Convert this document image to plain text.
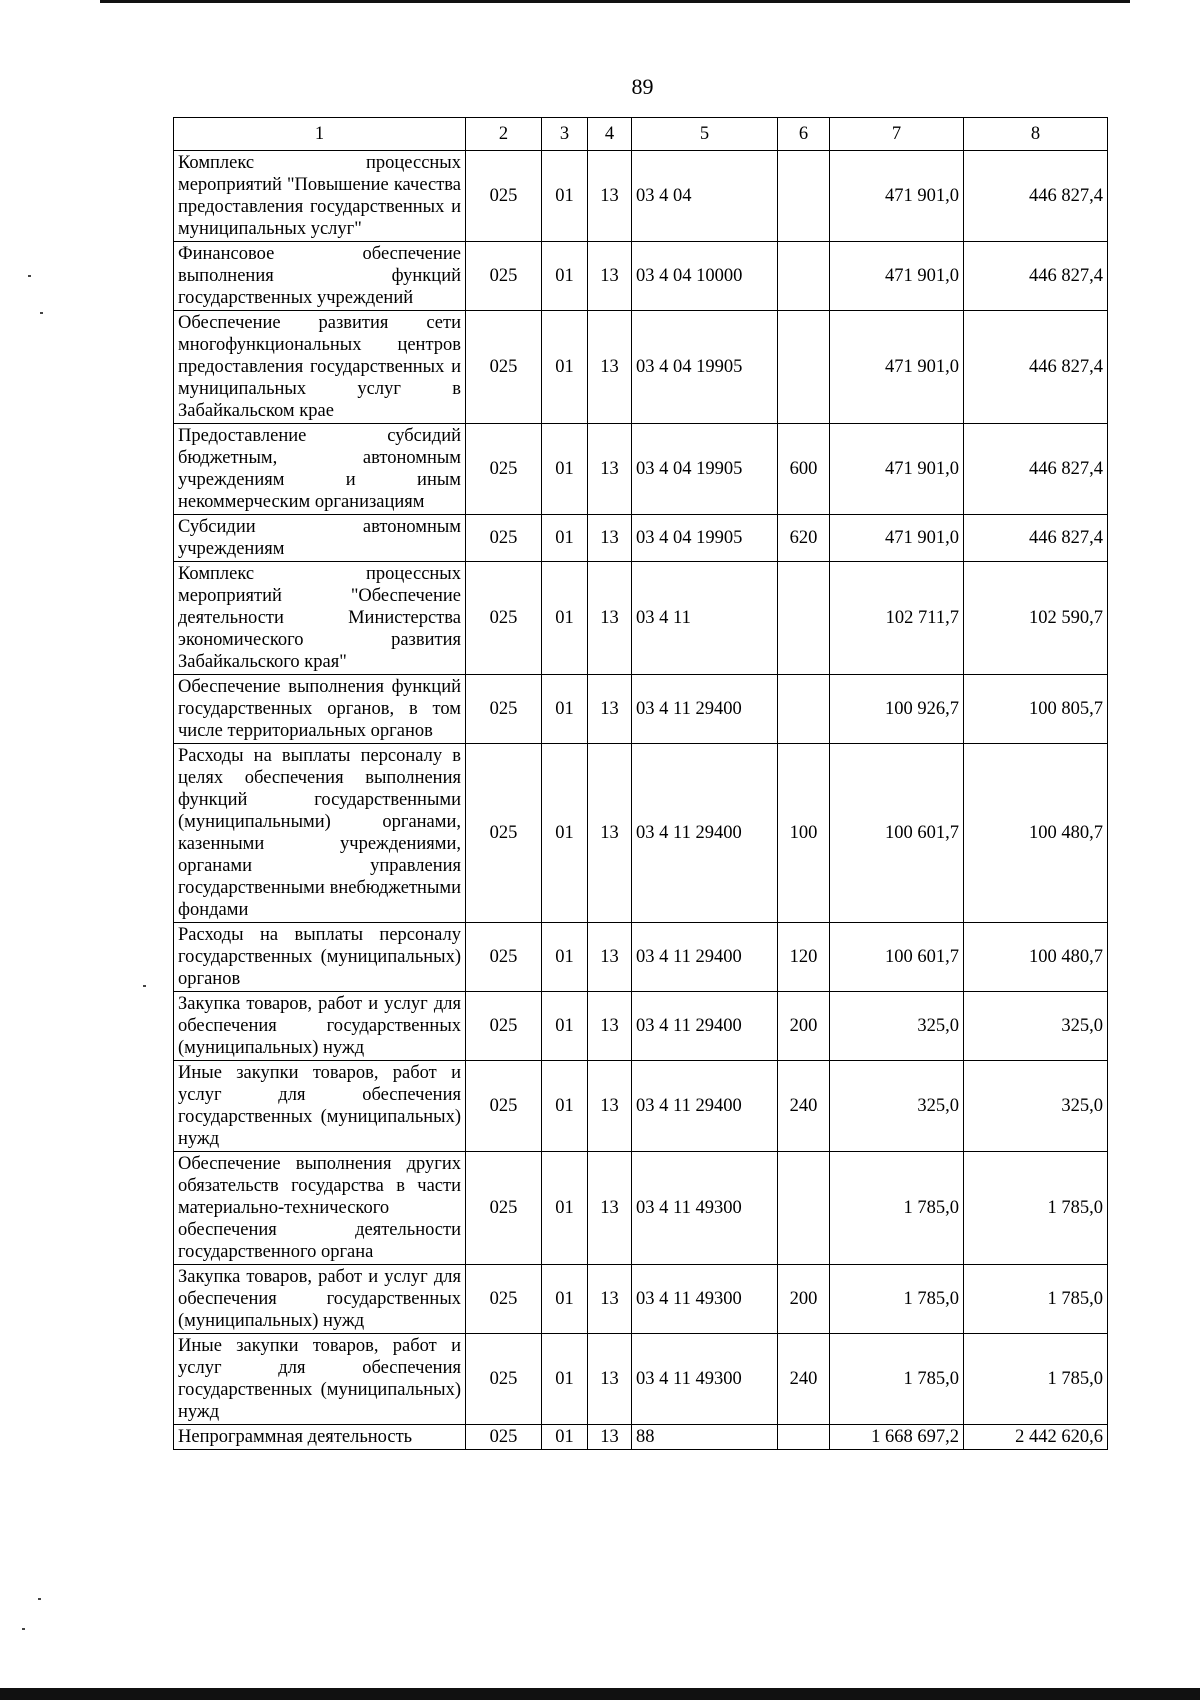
89
1	2	3	4	5	6	7	8
Комплекс процессных мероприятий "Повышение качества предоставления государственных и муниципальных услуг"	025	01	13	03 4 04		471 901,0	446 827,4
Финансовое обеспечение выполнения функций государственных учреждений	025	01	13	03 4 04 10000		471 901,0	446 827,4
Обеспечение развития сети многофункциональных центров предоставления государственных и муниципальных услуг в Забайкальском крае	025	01	13	03 4 04 19905		471 901,0	446 827,4
Предоставление субсидий бюджетным, автономным учреждениям и иным некоммерческим организациям	025	01	13	03 4 04 19905	600	471 901,0	446 827,4
Субсидии автономным учреждениям	025	01	13	03 4 04 19905	620	471 901,0	446 827,4
Комплекс процессных мероприятий "Обеспечение деятельности Министерства экономического развития Забайкальского края"	025	01	13	03 4 11		102 711,7	102 590,7
Обеспечение выполнения функций государственных органов, в том числе территориальных органов	025	01	13	03 4 11 29400		100 926,7	100 805,7
Расходы на выплаты персоналу в целях обеспечения выполнения функций государственными (муниципальными) органами, казенными учреждениями, органами управления государственными внебюджетными фондами	025	01	13	03 4 11 29400	100	100 601,7	100 480,7
Расходы на выплаты персоналу государственных (муниципальных) органов	025	01	13	03 4 11 29400	120	100 601,7	100 480,7
Закупка товаров, работ и услуг для обеспечения государственных (муниципальных) нужд	025	01	13	03 4 11 29400	200	325,0	325,0
Иные закупки товаров, работ и услуг для обеспечения государственных (муниципальных) нужд	025	01	13	03 4 11 29400	240	325,0	325,0
Обеспечение выполнения других обязательств государства в части материально-технического обеспечения деятельности государственного органа	025	01	13	03 4 11 49300		1 785,0	1 785,0
Закупка товаров, работ и услуг для обеспечения государственных (муниципальных) нужд	025	01	13	03 4 11 49300	200	1 785,0	1 785,0
Иные закупки товаров, работ и услуг для обеспечения государственных (муниципальных) нужд	025	01	13	03 4 11 49300	240	1 785,0	1 785,0
Непрограммная деятельность	025	01	13	88		1 668 697,2	2 442 620,6
